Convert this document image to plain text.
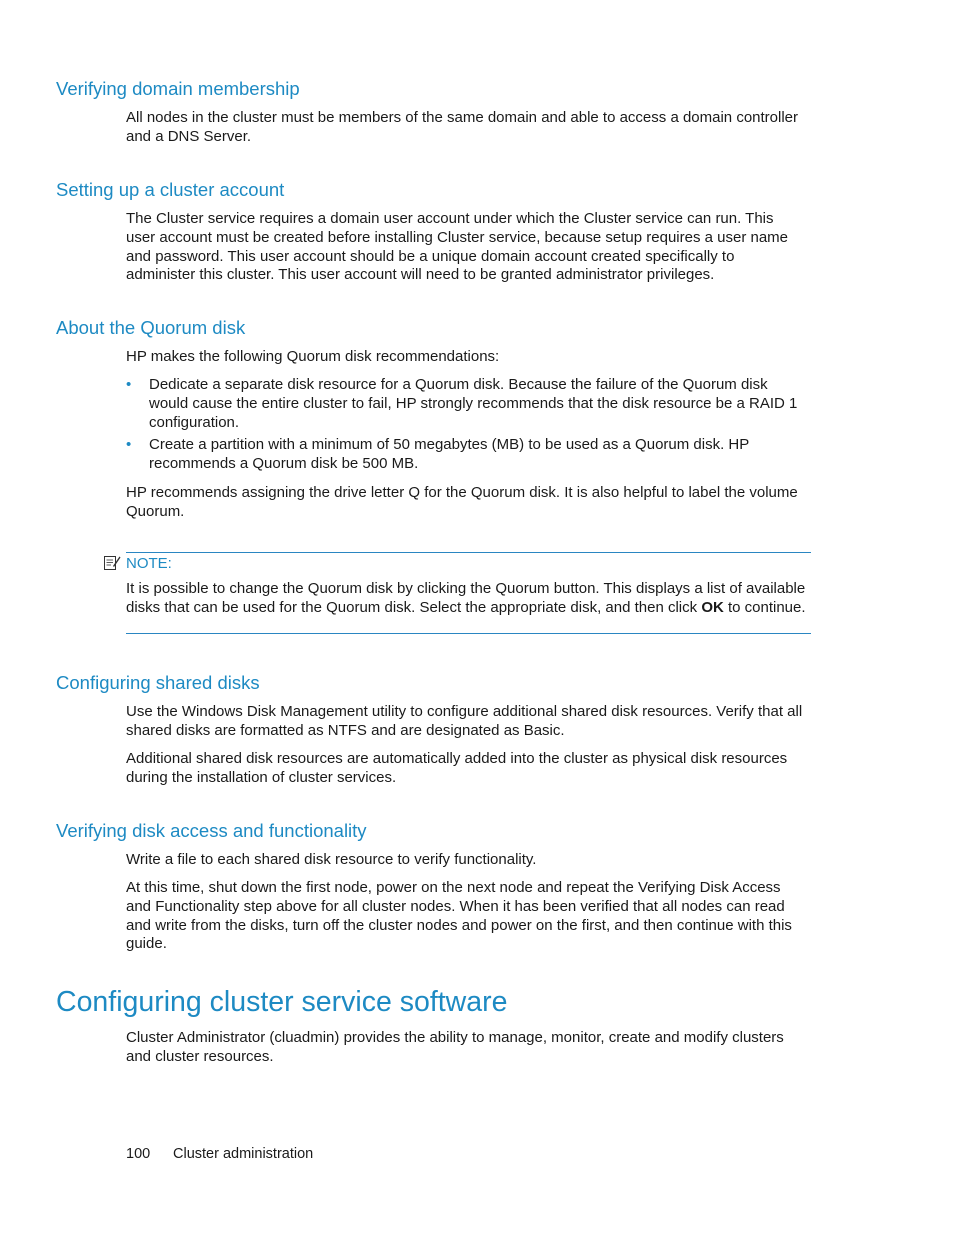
Verifying domain membership

All nodes in the cluster must be members of the same domain and able to access a domain controller and a DNS Server.

Setting up a cluster account

The Cluster service requires a domain user account under which the Cluster service can run. This user account must be created before installing Cluster service, because setup requires a user name and password. This user account should be a unique domain account created specifically to administer this cluster. This user account will need to be granted administrator privileges.

About the Quorum disk

HP makes the following Quorum disk recommendations:

• Dedicate a separate disk resource for a Quorum disk. Because the failure of the Quorum disk would cause the entire cluster to fail, HP strongly recommends that the disk resource be a RAID 1 configuration.

• Create a partition with a minimum of 50 megabytes (MB) to be used as a Quorum disk. HP recommends a Quorum disk be 500 MB.

HP recommends assigning the drive letter Q for the Quorum disk. It is also helpful to label the volume Quorum.

NOTE:

It is possible to change the Quorum disk by clicking the Quorum button. This displays a list of available disks that can be used for the Quorum disk. Select the appropriate disk, and then click OK to continue.

Configuring shared disks

Use the Windows Disk Management utility to configure additional shared disk resources. Verify that all shared disks are formatted as NTFS and are designated as Basic.

Additional shared disk resources are automatically added into the cluster as physical disk resources during the installation of cluster services.

Verifying disk access and functionality

Write a file to each shared disk resource to verify functionality.

At this time, shut down the first node, power on the next node and repeat the Verifying Disk Access and Functionality step above for all cluster nodes. When it has been verified that all nodes can read and write from the disks, turn off the cluster nodes and power on the first, and then continue with this guide.

Configuring cluster service software

Cluster Administrator (cluadmin) provides the ability to manage, monitor, create and modify clusters and cluster resources.

100 Cluster administration
